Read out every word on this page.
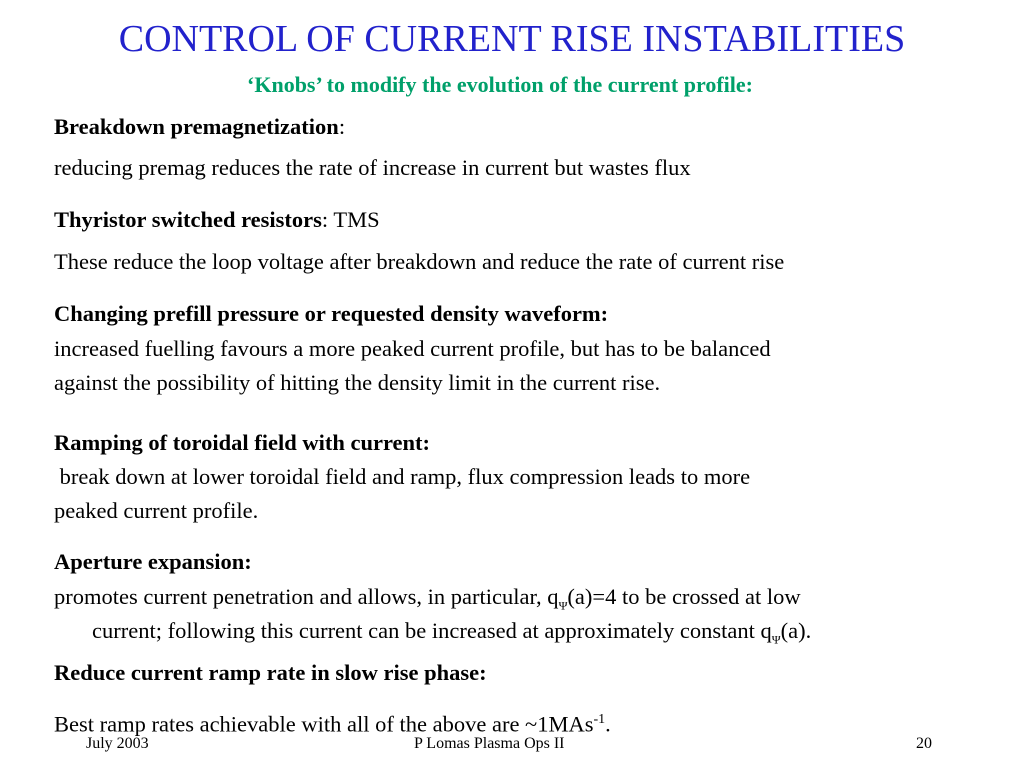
CONTROL OF CURRENT RISE INSTABILITIES
‘Knobs’ to modify the evolution of the current profile:
Breakdown premagnetization:
reducing premag reduces the rate of increase in current but wastes flux
Thyristor switched resistors: TMS
These reduce the loop voltage after breakdown and reduce the rate of current rise
Changing prefill pressure or requested density waveform:
increased fuelling favours a more peaked current profile, but has to be balanced
against the possibility of hitting the density limit in the current rise.
Ramping of toroidal field with current:
break down at lower toroidal field and ramp, flux compression leads to more
peaked current profile.
Aperture expansion:
promotes current penetration and allows, in particular, $q_\Psi(a)=4$ to be crossed at low
current; following this current can be increased at approximately constant $q_\Psi(a)$.
Reduce current ramp rate in slow rise phase:
Best ramp rates achievable with all of the above are ~1MAs$^{-1}$.
July 2003	P Lomas Plasma Ops II	20
